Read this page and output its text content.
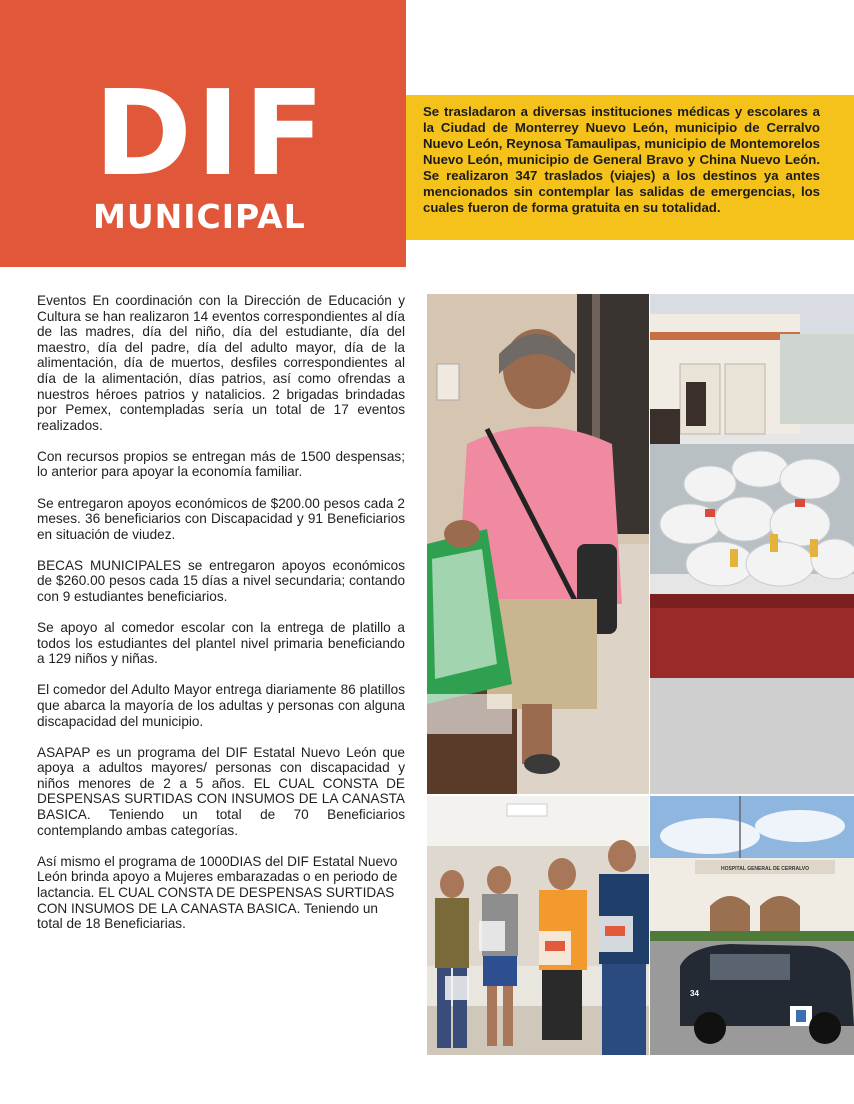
DIF
MUNICIPAL

Se trasladaron a diversas instituciones médicas y escolares a la Ciudad de Monterrey Nuevo León, municipio de Cerralvo Nuevo León, Reynosa Tamaulipas, municipio de Montemorelos Nuevo León, municipio de General Bravo y China Nuevo León. Se realizaron 347 traslados (viajes) a los destinos ya antes mencionados sin contemplar las salidas de emergencias, los cuales fueron de forma gratuita en su totalidad.

Eventos En coordinación con la Dirección de Educación y Cultura se han realizaron 14 eventos correspondientes al día de las madres, día del niño, día del estudiante, día del maestro, día del padre, día del adulto mayor, día de la alimentación, día de muertos, desfiles correspondientes al día de la alimentación, días patrios, así como ofrendas a nuestros héroes patrios y natalicios. 2 brigadas brindadas por Pemex, contempladas sería un total de 17 eventos realizados.

Con recursos propios se entregan más de 1500 despensas; lo anterior para apoyar la economía familiar.

Se entregaron apoyos económicos de $200.00 pesos cada 2 meses. 36 beneficiarios con Discapacidad y 91 Beneficiarios en situación de viudez.

BECAS MUNICIPALES se entregaron apoyos económicos de $260.00 pesos cada 15 días a nivel secundaria; contando con 9 estudiantes beneficiarios.

Se apoyo al comedor escolar con la entrega de platillo a todos los estudiantes del plantel nivel primaria beneficiando a 129 niños y niñas.

El comedor del Adulto Mayor entrega diariamente 86 platillos que abarca la mayoría de los adultas y personas con alguna discapacidad del municipio.

ASAPAP es un programa del DIF Estatal Nuevo León que apoya a adultos mayores/ personas con discapacidad y niños menores de 2 a 5 años. EL CUAL CONSTA DE DESPENSAS SURTIDAS CON INSUMOS DE LA CANASTA BASICA. Teniendo un total de 70 Beneficiarios contemplando ambas categorías.

Así mismo el programa de 1000DIAS del DIF Estatal Nuevo León brinda apoyo a Mujeres embarazadas o en periodo de lactancia. EL CUAL CONSTA DE DESPENSAS SURTIDAS CON INSUMOS DE LA CANASTA BASICA. Teniendo un total de 18 Beneficiarias.

HOSPITAL GENERAL DE CERRALVO
34
